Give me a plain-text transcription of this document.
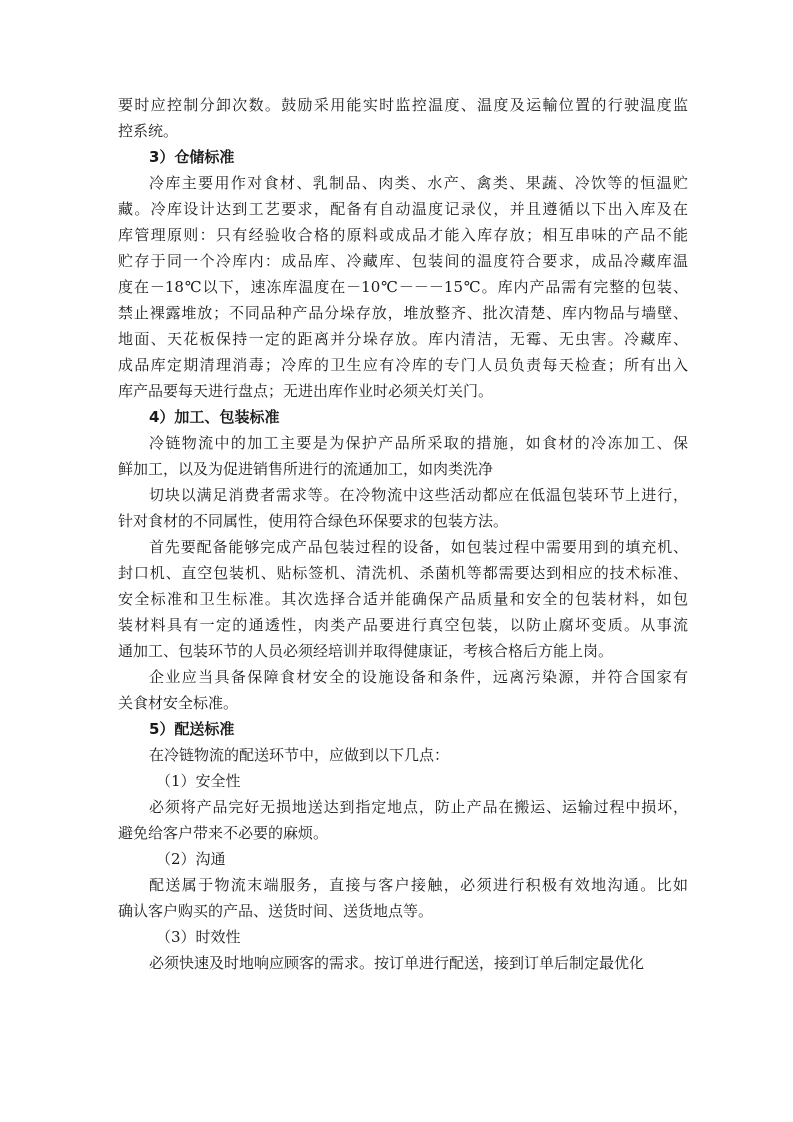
要时应控制分卸次数。鼓励采用能实时监控温度、温度及运輸位置的行驶温度监

控系统。

3）仓储标准

冷库主要用作对食材、乳制品、肉类、水产、禽类、果蔬、冷饮等的恒温贮

藏。冷库设计达到工艺要求，配备有自动温度记录仪，并且遵循以下出入库及在

库管理原则：只有经验收合格的原料或成品才能入库存放；相互串味的产品不能

贮存于同一个冷库内：成品库、冷藏库、包装间的温度符合要求，成品冷藏库温

度在－18℃以下，速冻库温度在－10℃－－－15℃。库内产品需有完整的包装、

禁止裸露堆放；不同品种产品分垛存放，堆放整齐、批次清楚、库内物品与墙壁、

地面、天花板保持一定的距离并分垛存放。库内清洁，无霉、无虫害。冷藏库、

成品库定期清理消毒；冷库的卫生应有冷库的专门人员负责每天检查；所有出入

库产品要每天进行盘点；无进出库作业时必须关灯关门。

4）加工、包装标准

冷链物流中的加工主要是为保护产品所采取的措施，如食材的冷冻加工、保

鲜加工，以及为促进销售所进行的流通加工，如肉类洗净

切块以满足消费者需求等。在冷物流中这些活动都应在低温包装环节上进行，

针对食材的不同属性，使用符合绿色环保要求的包装方法。

首先要配备能够完成产品包装过程的设备，如包装过程中需要用到的填充机、

封口机、直空包装机、贴标签机、清洗机、杀菌机等都需要达到相应的技术标准、

安全标准和卫生标准。其次选择合适并能确保产品质量和安全的包装材料，如包

装材料具有一定的通透性，肉类产品要进行真空包装，以防止腐坏变质。从事流

通加工、包装环节的人员必须经培训并取得健康证，考核合格后方能上岗。

企业应当具备保障食材安全的设施设备和条件，远离污染源，并符合国家有

关食材安全标准。

5）配送标准

在冷链物流的配送环节中，应做到以下几点：

（1）安全性

必须将产品完好无损地送达到指定地点，防止产品在搬运、运输过程中损坏，

避免给客户带来不必要的麻烦。

（2）沟通

配送属于物流末端服务，直接与客户接触，必须进行积极有效地沟通。比如

确认客户购买的产品、送货时间、送货地点等。

（3）时效性

必须快速及时地响应顾客的需求。按订单进行配送，接到订单后制定最优化
